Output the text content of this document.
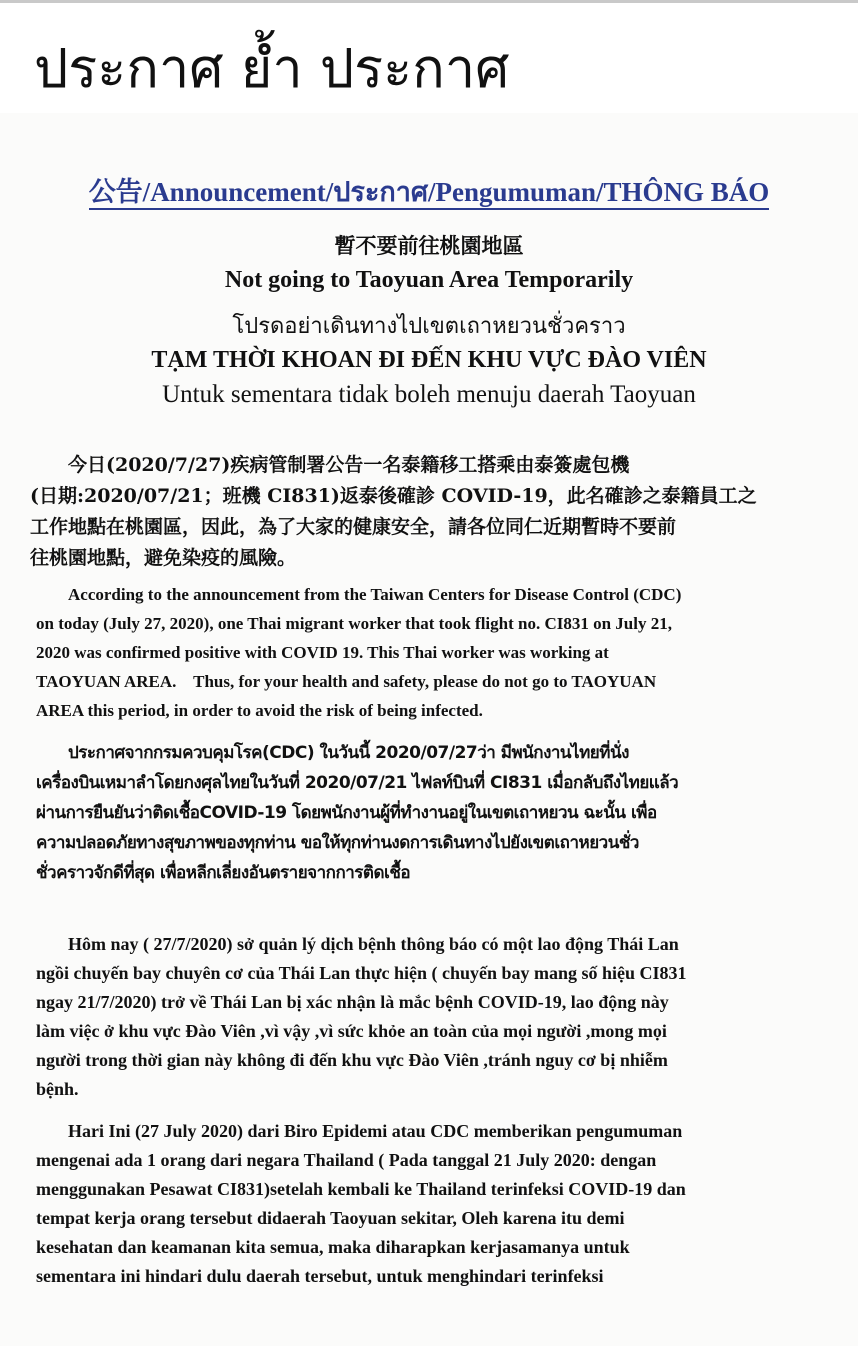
ประกาศ ย้ำ ประกาศ
公告/Announcement/ประกาศ/Pengumuman/THÔNG BÁO
暫不要前往桃園地區
Not going to Taoyuan Area Temporarily
โปรดอย่าเดินทางไปเขตเถาหยวนชั่วคราว
TẠM THỜI KHOAN ĐI ĐẾN KHU VỰC ĐÀO VIÊN
Untuk sementara tidak boleh menuju daerah Taoyuan
今日(2020/7/27)疾病管制署公告一名泰籍移工搭乘由泰簽處包機
(日期:2020/07/21；班機 CI831)返泰後確診 COVID-19，此名確診之泰籍員工之
工作地點在桃園區，因此，為了大家的健康安全，請各位同仁近期暫時不要前
往桃園地點，避免染疫的風險。
According to the announcement from the Taiwan Centers for Disease Control (CDC)
on today (July 27, 2020), one Thai migrant worker that took flight no. CI831 on July 21,
2020 was confirmed positive with COVID 19. This Thai worker was working at
TAOYUAN AREA.    Thus, for your health and safety, please do not go to TAOYUAN
AREA this period, in order to avoid the risk of being infected.
ประกาศจากกรมควบคุมโรค(CDC) ในวันนี้ 2020/07/27ว่า มีพนักงานไทยที่นั่ง
เครื่องบินเหมาลำโดยกงศุลไทยในวันที่ 2020/07/21 ไฟลท์บินที่ CI831 เมื่อกลับถึงไทยแล้ว
ผ่านการยืนยันว่าติดเชื้อCOVID-19 โดยพนักงานผู้ที่ทำงานอยู่ในเขตเถาหยวน ฉะนั้น เพื่อ
ความปลอดภัยทางสุขภาพของทุกท่าน ขอให้ทุกท่านงดการเดินทางไปยังเขตเถาหยวนชั่ว
ชั่วคราวจักดีที่สุด เพื่อหลีกเลี่ยงอันตรายจากการติดเชื้อ
Hôm nay ( 27/7/2020) sở quản lý dịch bệnh thông báo có một lao động Thái Lan
ngồi chuyến bay chuyên cơ của Thái Lan thực hiện ( chuyến bay mang số hiệu CI831
ngay 21/7/2020) trở về Thái Lan bị xác nhận là mắc bệnh COVID-19, lao động này
làm việc ở khu vực Đào Viên ,vì vậy ,vì sức khỏe an toàn của mọi người ,mong mọi
người trong thời gian này không đi đến khu vực Đào Viên ,tránh nguy cơ bị nhiễm
bệnh.
Hari Ini (27 July 2020) dari Biro Epidemi atau CDC memberikan pengumuman
mengenai ada 1 orang dari negara Thailand ( Pada tanggal 21 July 2020: dengan
menggunakan Pesawat CI831)setelah kembali ke Thailand terinfeksi COVID-19 dan
tempat kerja orang tersebut didaerah Taoyuan sekitar, Oleh karena itu demi
kesehatan dan keamanan kita semua, maka diharapkan kerjasamanya untuk
sementara ini hindari dulu daerah tersebut, untuk menghindari terinfeksi
